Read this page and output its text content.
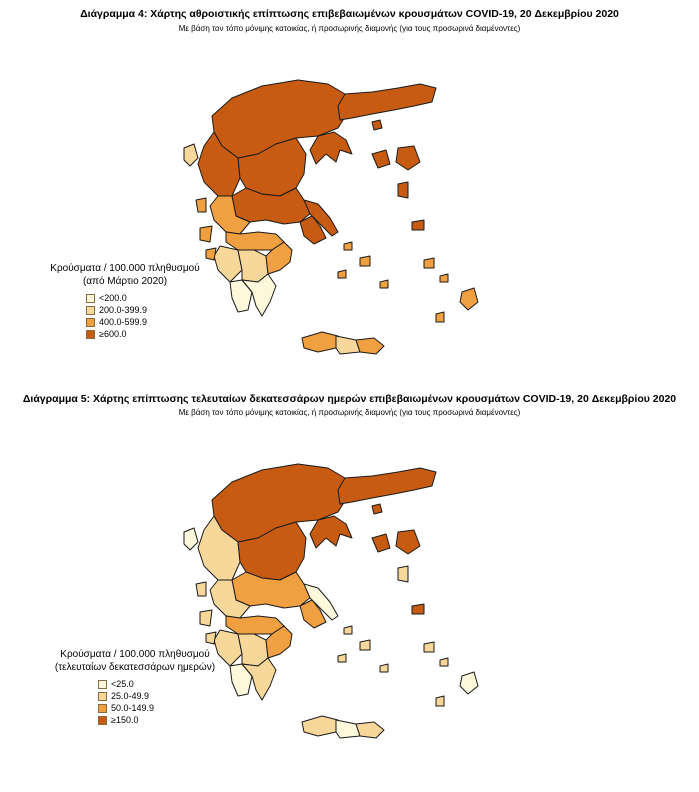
Διάγραμμα 4: Χάρτης αθροιστικής επίπτωσης επιβεβαιωμένων κρουσμάτων COVID-19, 20 Δεκεμβρίου 2020
Με βάση τον τόπο μόνιμης κατοικίας, ή προσωρινής διαμονής (για τους προσωρινά διαμένοντες)
Κρούσματα / 100.000 πληθυσμού
(από Μάρτιο 2020)
<200.0
200.0-399.9
400.0-599.9
≥600.0
Διάγραμμα 5: Χάρτης επίπτωσης τελευταίων δεκατεσσάρων ημερών επιβεβαιωμένων κρουσμάτων COVID-19, 20 Δεκεμβρίου 2020
Με βάση τον τόπο μόνιμης κατοικίας, ή προσωρινής διαμονής (για τους προσωρινά διαμένοντες)
Κρούσματα / 100.000 πληθυσμού
(τελευταίων δεκατεσσάρων ημερών)
<25.0
25.0-49.9
50.0-149.9
≥150.0
